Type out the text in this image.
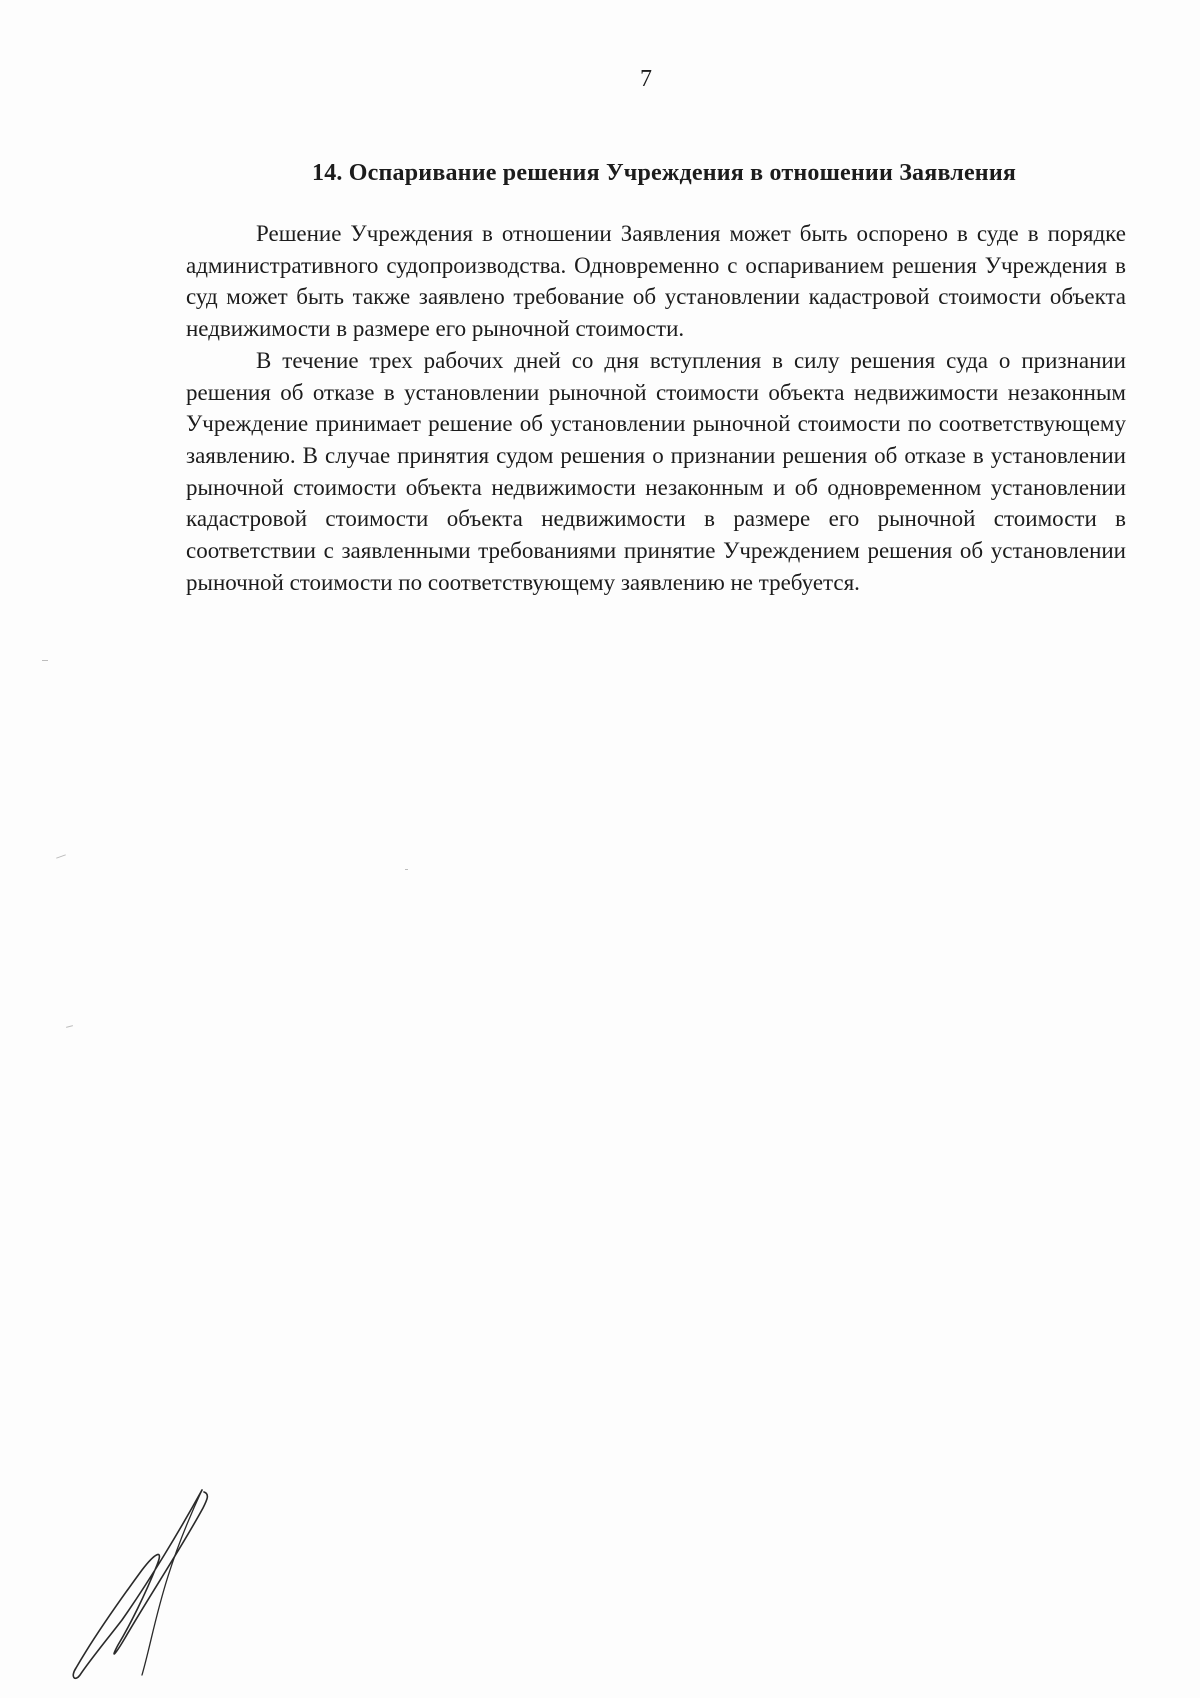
7
14. Оспаривание решения Учреждения в отношении Заявления

Решение Учреждения в отношении Заявления может быть оспорено в суде в порядке административного судопроизводства. Одновременно с оспариванием решения Учреждения в суд может быть также заявлено требование об установлении кадастровой стоимости объекта недвижимости в размере его рыночной стоимости.

В течение трех рабочих дней со дня вступления в силу решения суда о признании решения об отказе в установлении рыночной стоимости объекта недвижимости незаконным Учреждение принимает решение об установлении рыночной стоимости по соответствующему заявлению. В случае принятия судом решения о признании решения об отказе в установлении рыночной стоимости объекта недвижимости незаконным и об одновременном установлении кадастровой стоимости объекта недвижимости в размере его рыночной стоимости в соответствии с заявленными требованиями принятие Учреждением решения об установлении рыночной стоимости по соответствующему заявлению не требуется.
